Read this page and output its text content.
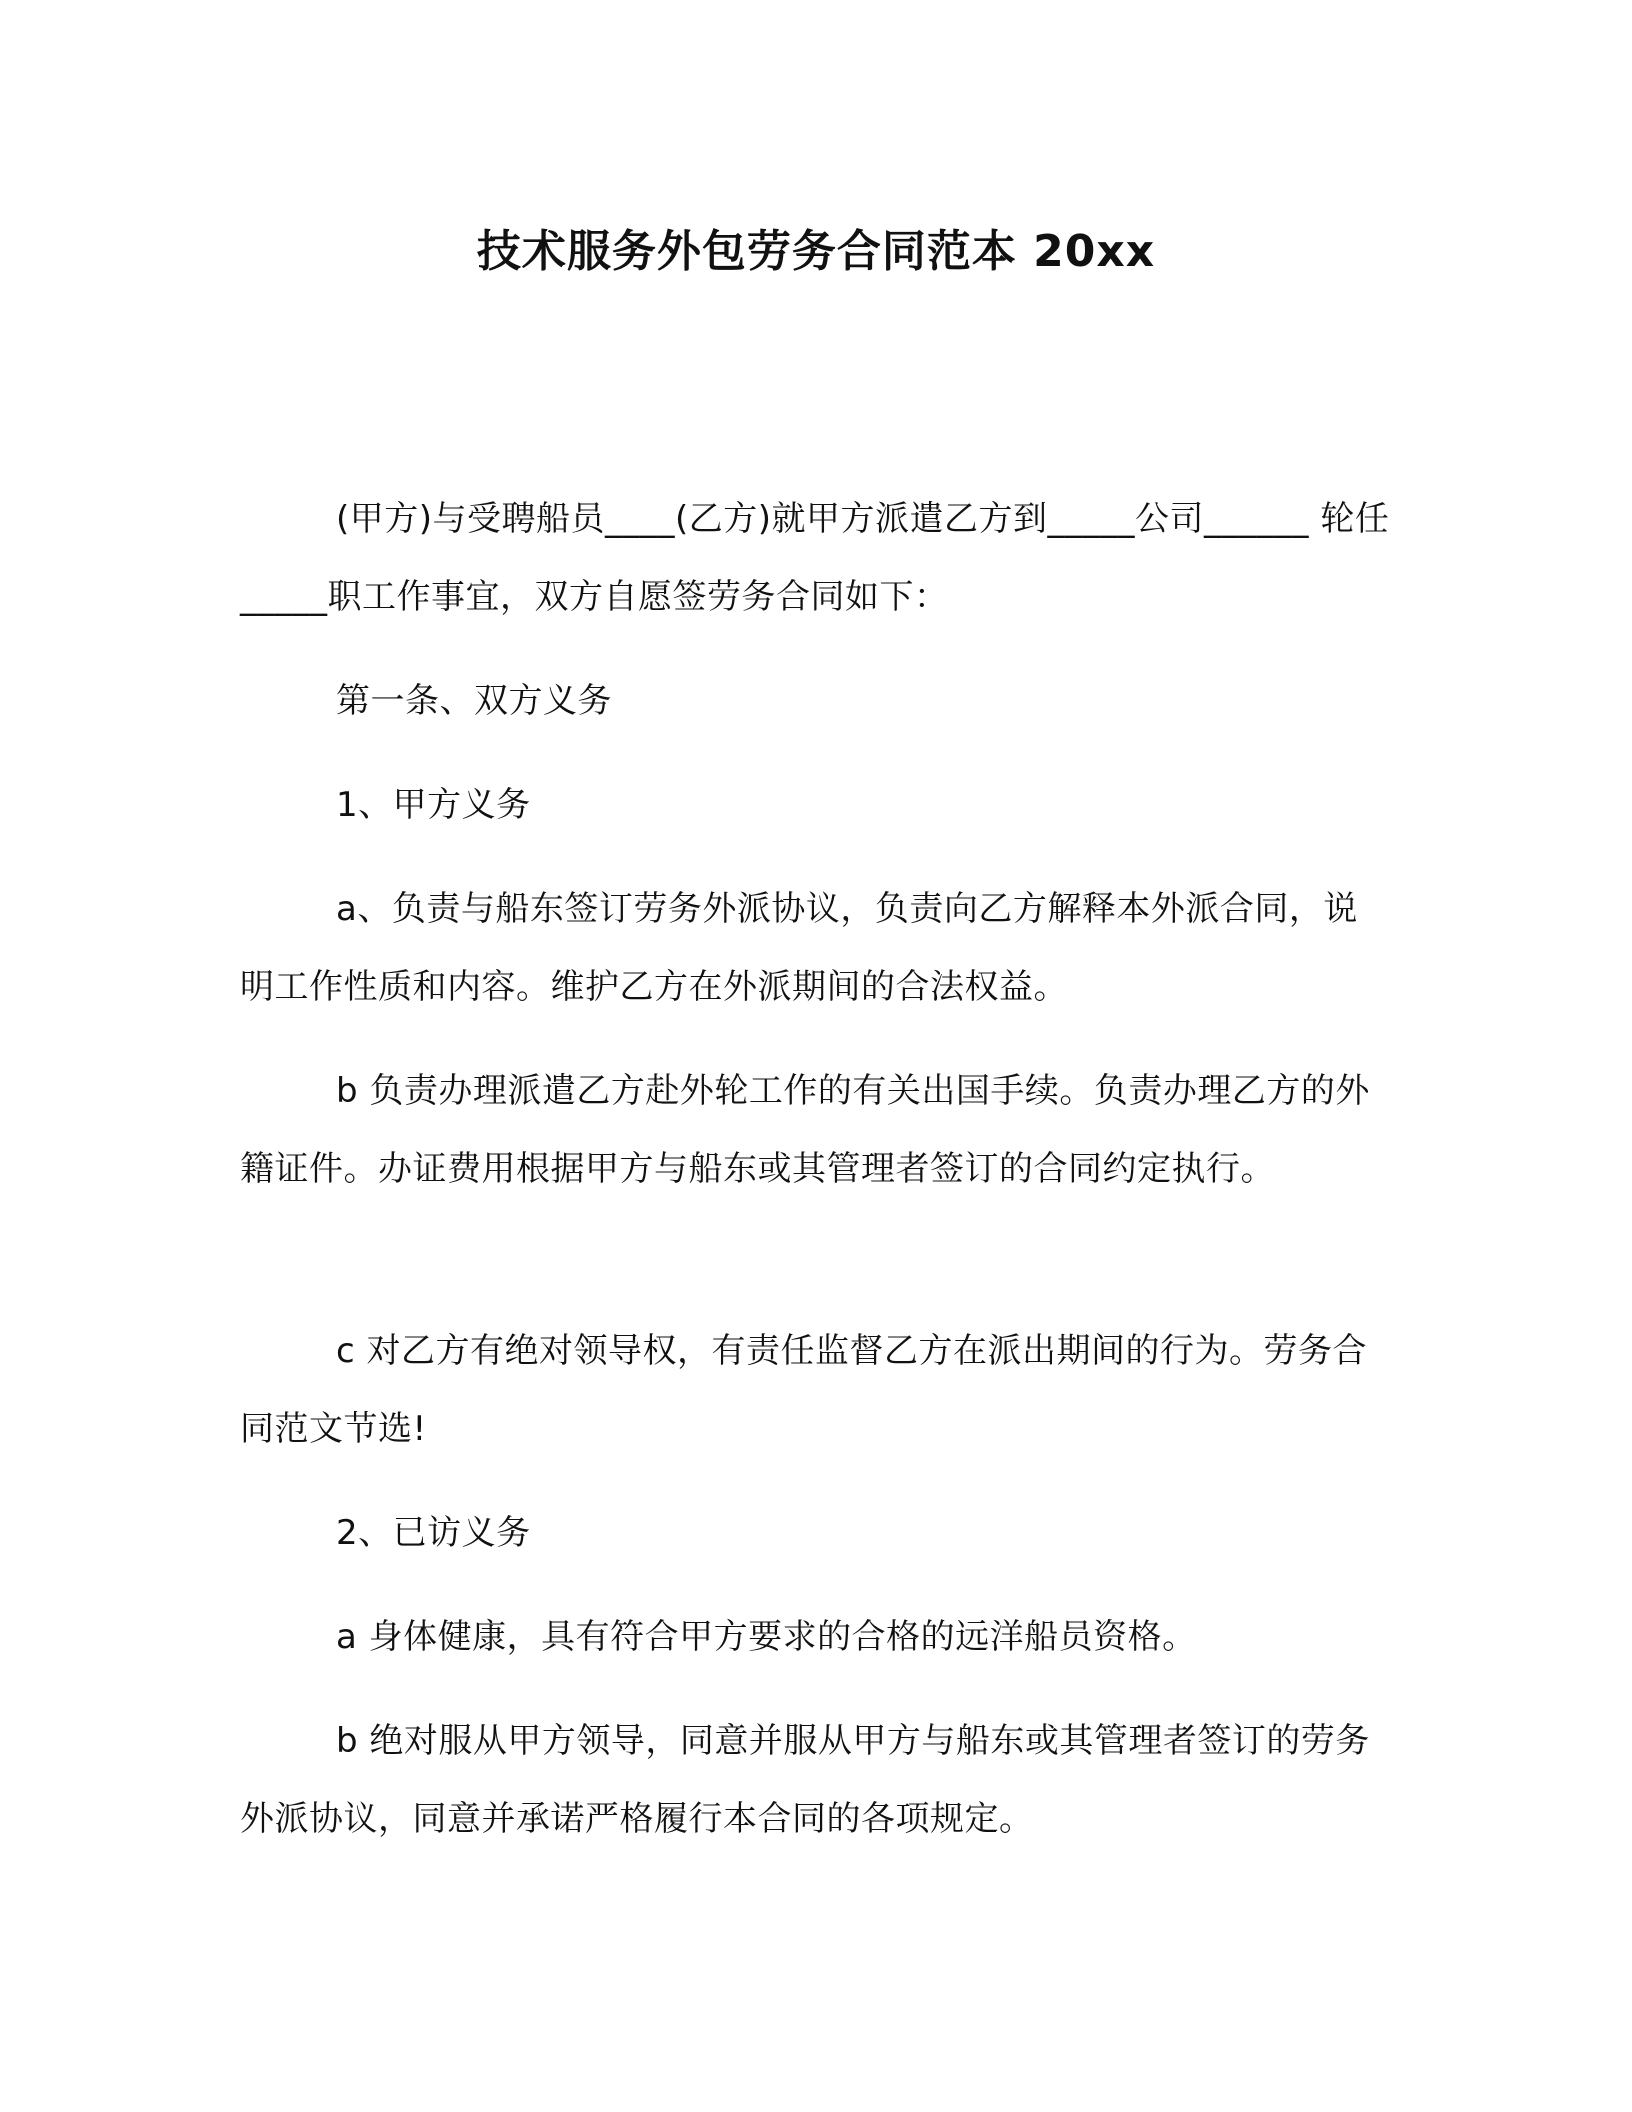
技术服务外包劳务合同范本 20xx
(甲方)与受聘船员____(乙方)就甲方派遣乙方到_____公司______ 轮任_____职工作事宜，双方自愿签劳务合同如下：
第一条、双方义务
1、甲方义务
a、负责与船东签订劳务外派协议，负责向乙方解释本外派合同，说明工作性质和内容。维护乙方在外派期间的合法权益。
b 负责办理派遣乙方赴外轮工作的有关出国手续。负责办理乙方的外籍证件。办证费用根据甲方与船东或其管理者签订的合同约定执行。
c 对乙方有绝对领导权，有责任监督乙方在派出期间的行为。劳务合同范文节选!
2、已访义务
a 身体健康，具有符合甲方要求的合格的远洋船员资格。
b 绝对服从甲方领导，同意并服从甲方与船东或其管理者签订的劳务外派协议，同意并承诺严格履行本合同的各项规定。
